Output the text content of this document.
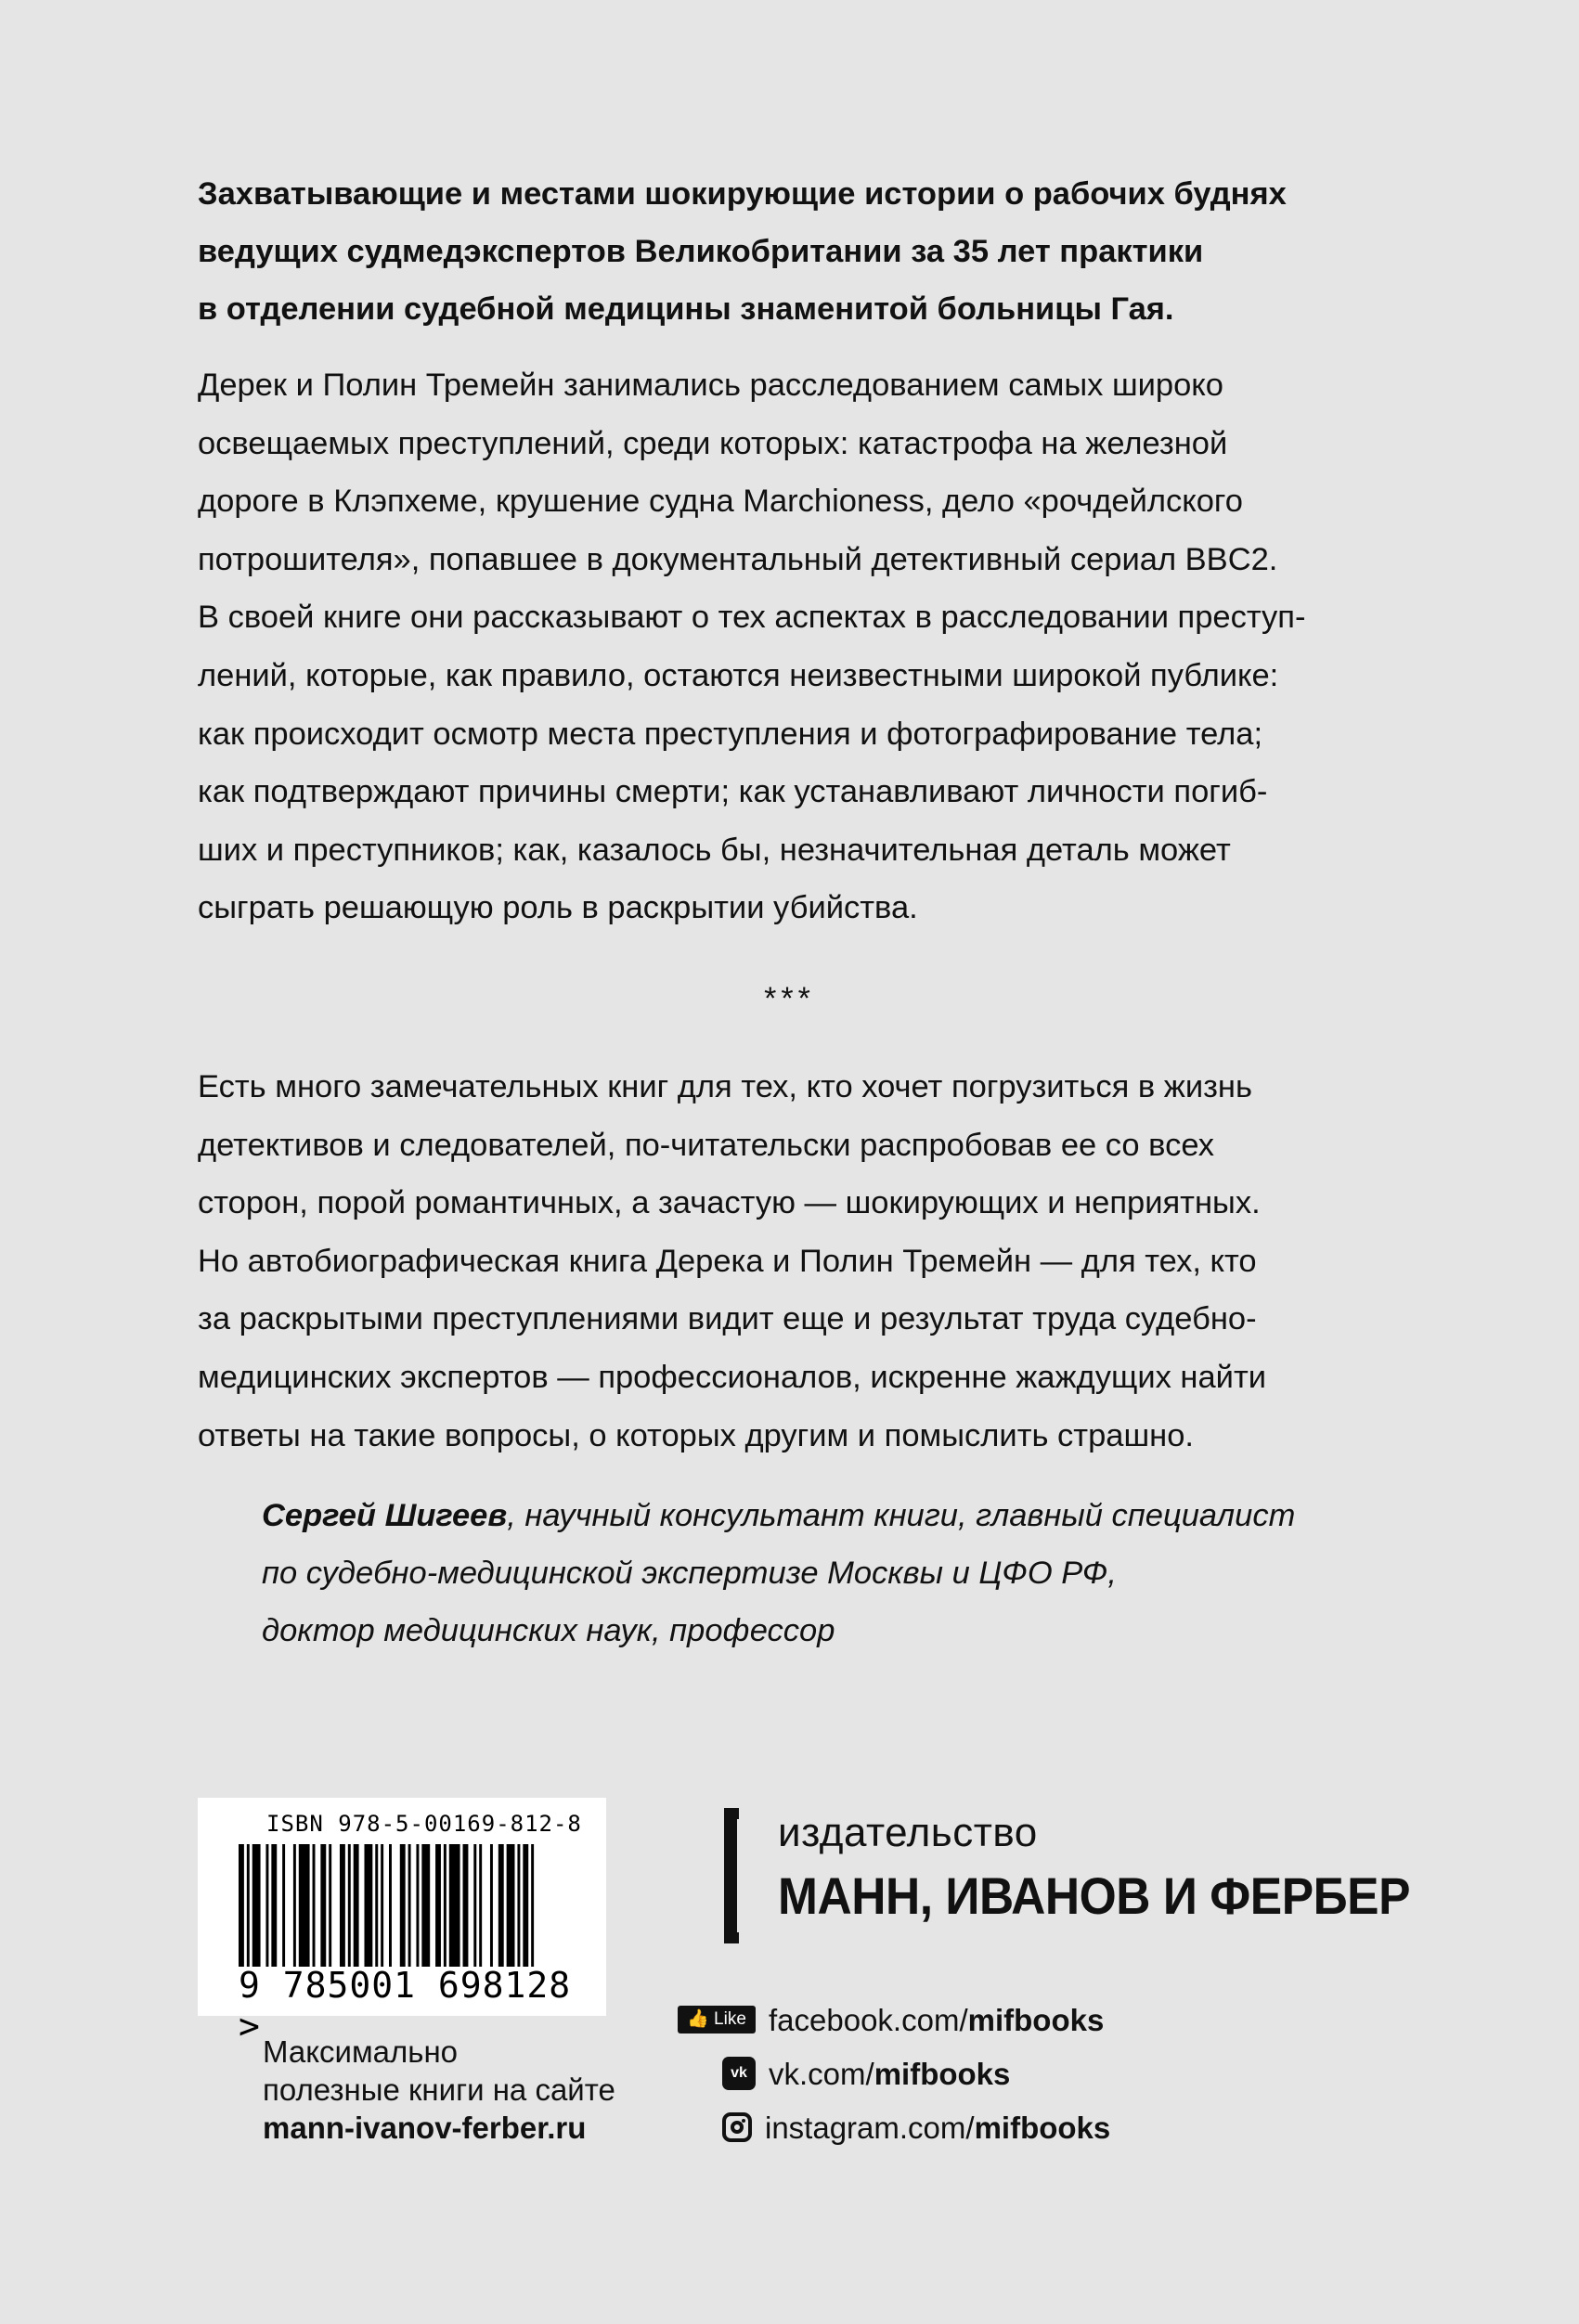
Захватывающие и местами шокирующие истории о рабочих буднях
ведущих судмедэкспертов Великобритании за 35 лет практики
в отделении судебной медицины знаменитой больницы Гая.
Дерек и Полин Тремейн занимались расследованием самых широко
освещаемых преступлений, среди которых: катастрофа на железной
дороге в Клэпхеме, крушение судна Marchioness, дело «рочдейлского
потрошителя», попавшее в документальный детективный сериал BBC2.
В своей книге они рассказывают о тех аспектах в расследовании преступ-
лений, которые, как правило, остаются неизвестными широкой публике:
как происходит осмотр места преступления и фотографирование тела;
как подтверждают причины смерти; как устанавливают личности погиб-
ших и преступников; как, казалось бы, незначительная деталь может
сыграть решающую роль в раскрытии убийства.
***
Есть много замечательных книг для тех, кто хочет погрузиться в жизнь
детективов и следователей, по-читательски распробовав ее со всех
сторон, порой романтичных, а зачастую — шокирующих и неприятных.
Но автобиографическая книга Дерека и Полин Тремейн — для тех, кто
за раскрытыми преступлениями видит еще и результат труда судебно-
медицинских экспертов — профессионалов, искренне жаждущих найти
ответы на такие вопросы, о которых другим и помыслить страшно.
Сергей Шигеев, научный консультант книги, главный специалист
по судебно-медицинской экспертизе Москвы и ЦФО РФ,
доктор медицинских наук, профессор
ISBN 978-5-00169-812-8
9 785001 698128 >
Максимально
полезные книги на сайте
mann-ivanov-ferber.ru
издательство
МАНН, ИВАНОВ И ФЕРБЕР
👍 Like facebook.com/mifbooks
vk vk.com/mifbooks
instagram.com/mifbooks
